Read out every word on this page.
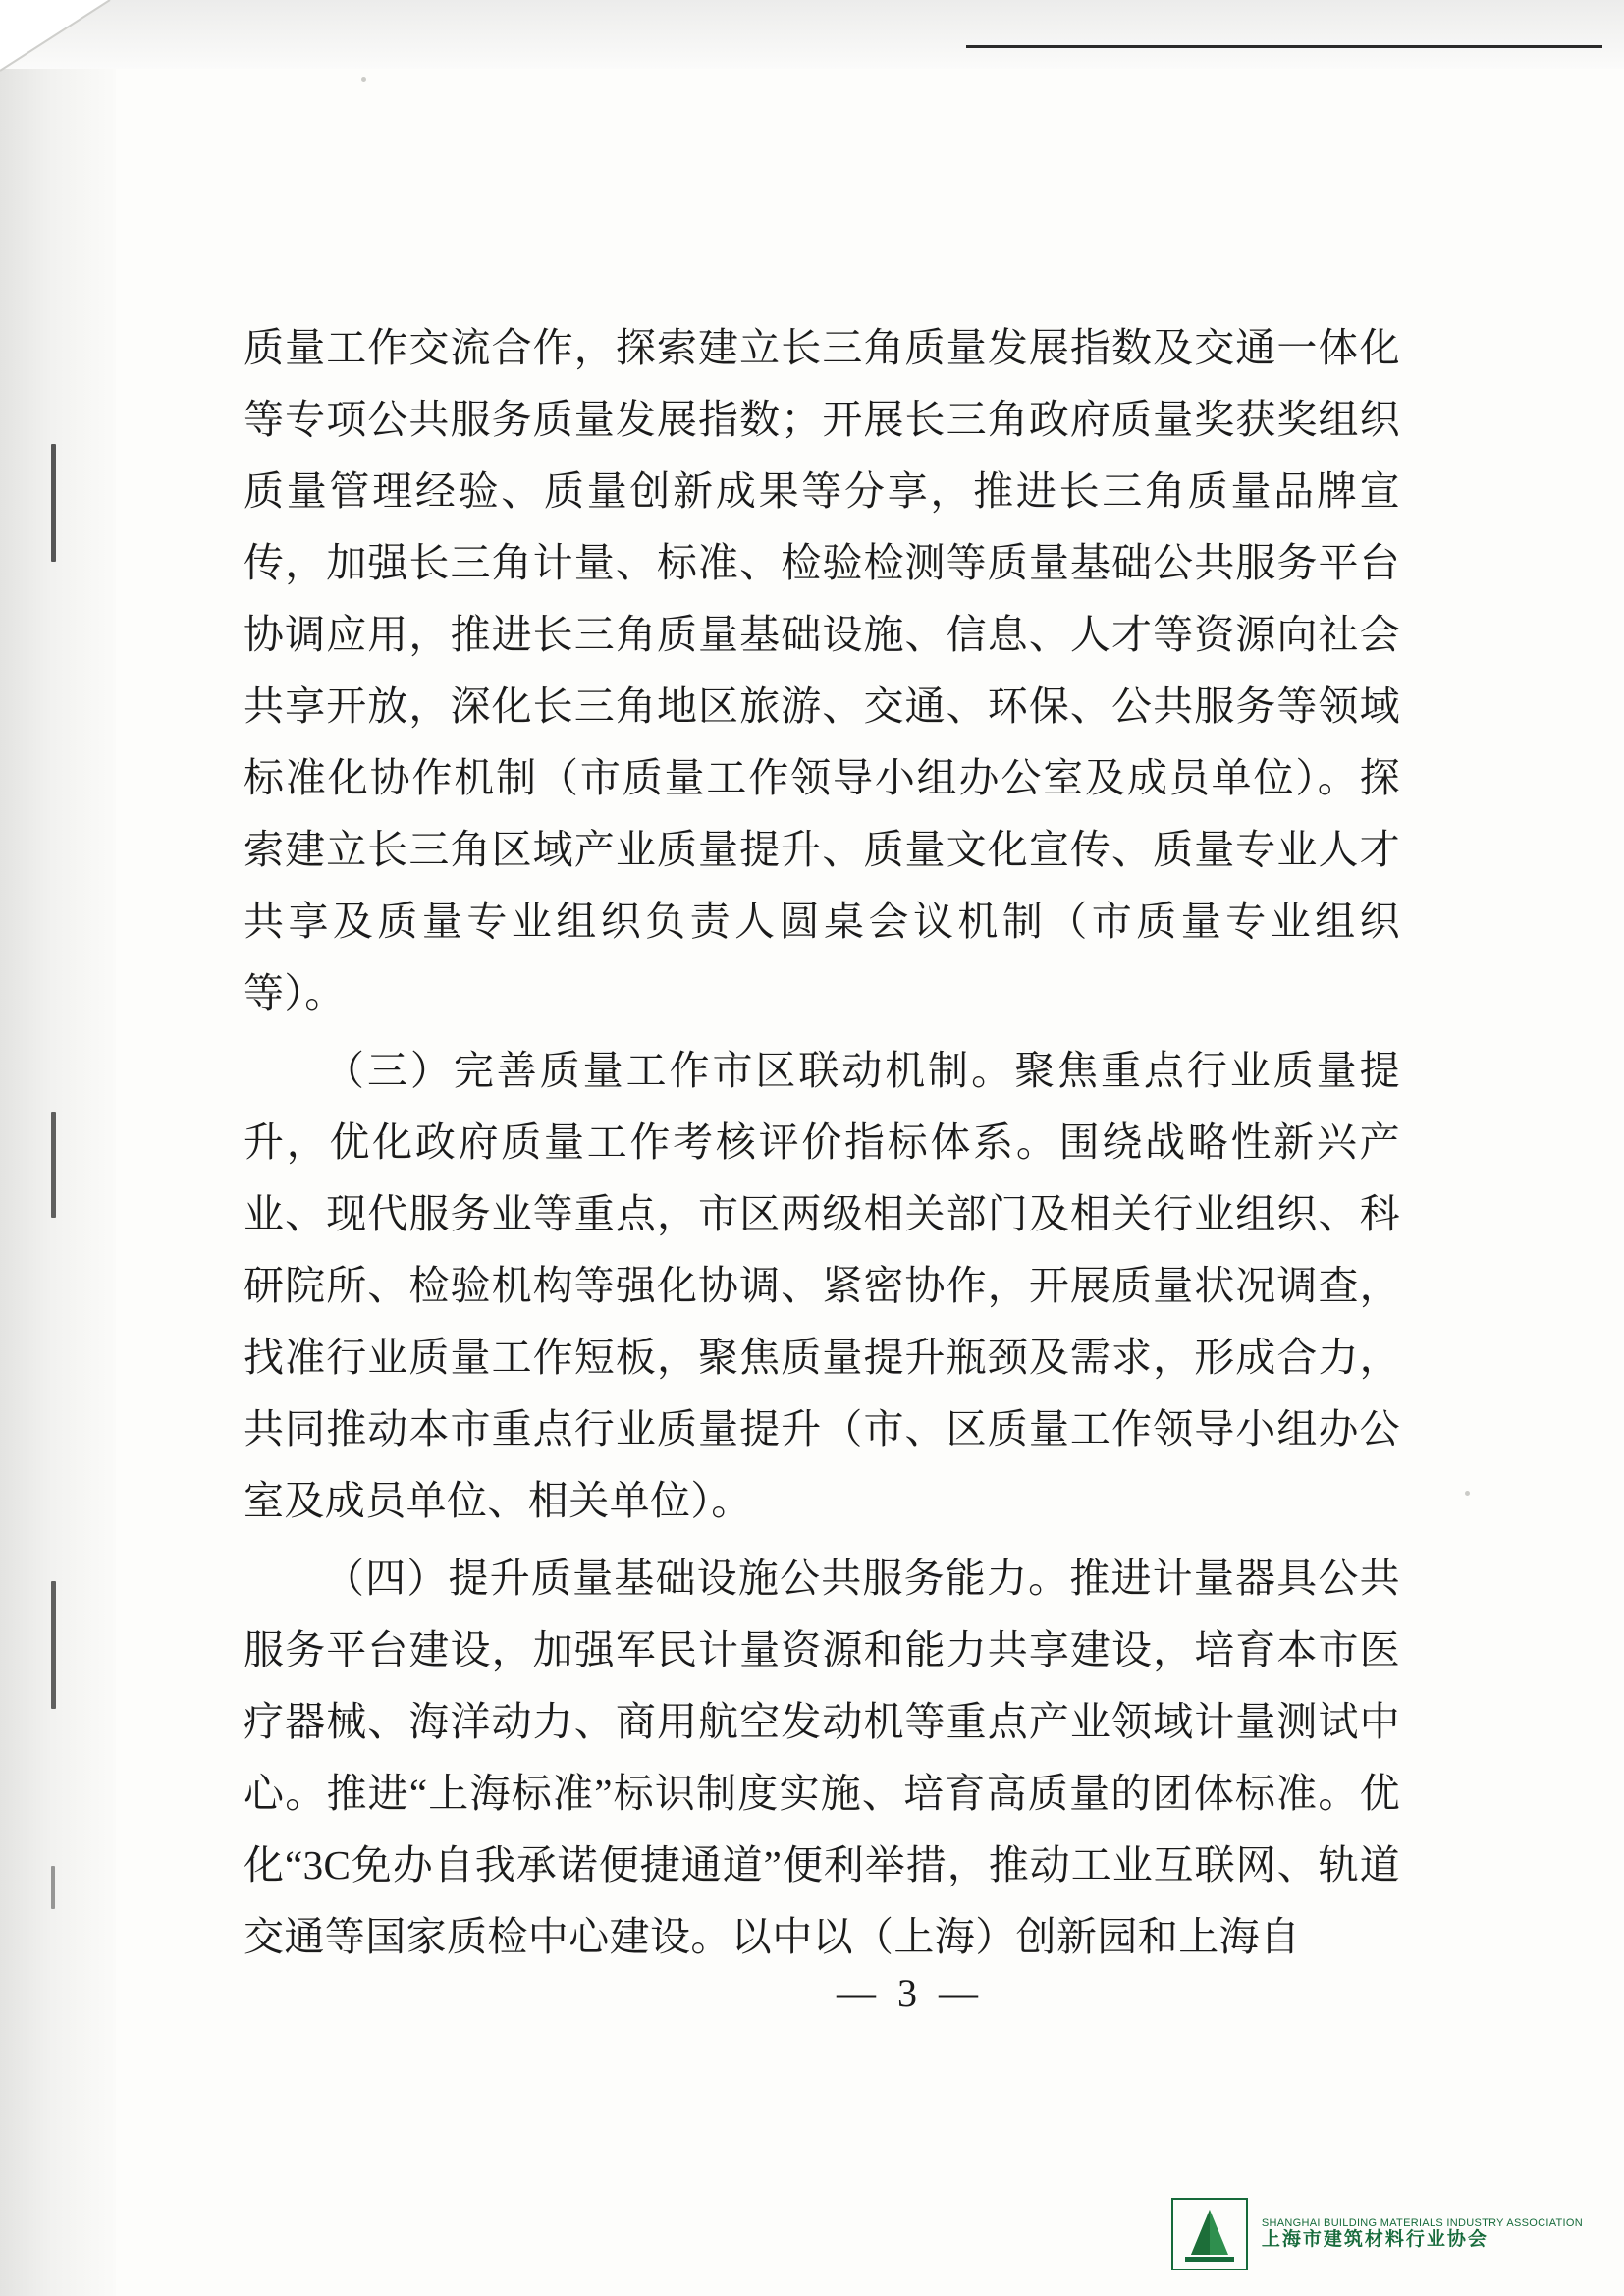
质量工作交流合作，探索建立长三角质量发展指数及交通一体化等专项公共服务质量发展指数；开展长三角政府质量奖获奖组织质量管理经验、质量创新成果等分享，推进长三角质量品牌宣传，加强长三角计量、标准、检验检测等质量基础公共服务平台协调应用，推进长三角质量基础设施、信息、人才等资源向社会共享开放，深化长三角地区旅游、交通、环保、公共服务等领域标准化协作机制（市质量工作领导小组办公室及成员单位）。探索建立长三角区域产业质量提升、质量文化宣传、质量专业人才共享及质量专业组织负责人圆桌会议机制（市质量专业组织等）。

（三）完善质量工作市区联动机制。聚焦重点行业质量提升，优化政府质量工作考核评价指标体系。围绕战略性新兴产业、现代服务业等重点，市区两级相关部门及相关行业组织、科研院所、检验机构等强化协调、紧密协作，开展质量状况调查，找准行业质量工作短板，聚焦质量提升瓶颈及需求，形成合力，共同推动本市重点行业质量提升（市、区质量工作领导小组办公室及成员单位、相关单位）。

（四）提升质量基础设施公共服务能力。推进计量器具公共服务平台建设，加强军民计量资源和能力共享建设，培育本市医疗器械、海洋动力、商用航空发动机等重点产业领域计量测试中心。推进“上海标准”标识制度实施、培育高质量的团体标准。优化“3C免办自我承诺便捷通道”便利举措，推动工业互联网、轨道交通等国家质检中心建设。以中以（上海）创新园和上海自

— 3 —
SHANGHAI BUILDING MATERIALS INDUSTRY ASSOCIATION
上海市建筑材料行业协会
